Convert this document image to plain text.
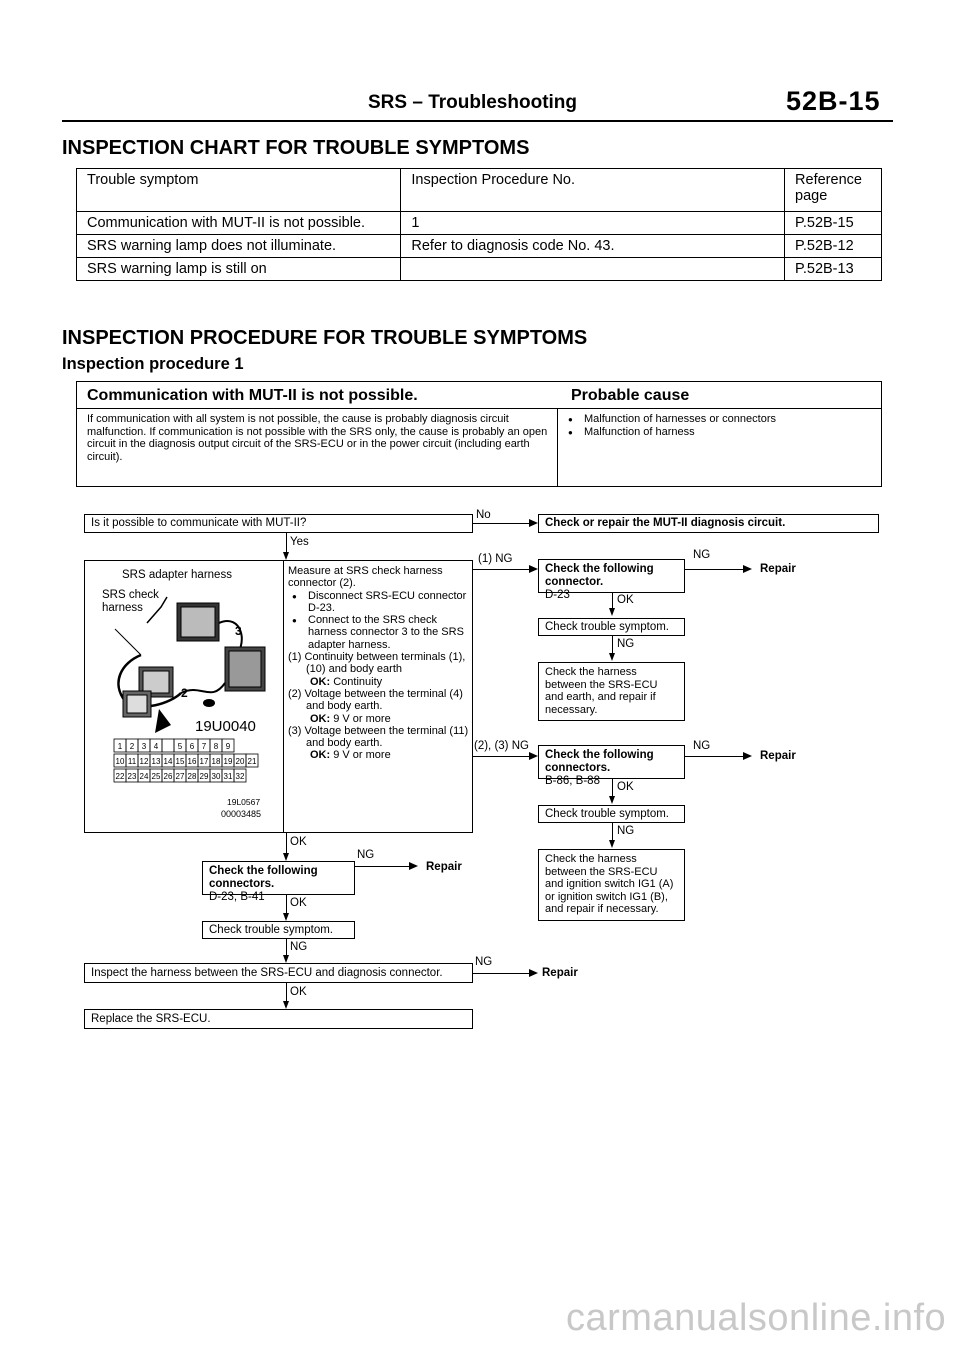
SRS – Troubleshooting	52B-15
INSPECTION CHART FOR TROUBLE SYMPTOMS
Trouble symptom	Inspection Procedure No.	Reference page
Communication with MUT-II is not possible.	1	P.52B-15
SRS warning lamp does not illuminate.	Refer to diagnosis code No. 43.	P.52B-12
SRS warning lamp is still on		P.52B-13
INSPECTION PROCEDURE FOR TROUBLE SYMPTOMS
Inspection procedure 1
Communication with MUT-II is not possible.	Probable cause
If communication with all system is not possible, the cause is probably diagnosis circuit malfunction. If communication is not possible with the SRS only, the cause is probably an open circuit in the diagnosis output circuit of the SRS-ECU or in the power circuit (including earth circuit).
● Malfunction of harnesses or connectors
● Malfunction of harness
Is it possible to communicate with MUT-II?
No
Check or repair the MUT-II diagnosis circuit.
Yes
SRS adapter harness
SRS check harness
3
2
19U0040
1 2 3 4 5 6 7 8 9
10 11 12 13 14 15 16 17 18 19 20 21
22 23 24 25 26 27 28 29 30 31 32
19L0567
00003485
Measure at SRS check harness connector (2).
● Disconnect SRS-ECU connector D-23.
● Connect to the SRS check harness connector 3 to the SRS adapter harness.
(1) Continuity between terminals (1), (10) and body earth
OK: Continuity
(2) Voltage between the terminal (4) and body earth.
OK: 9 V or more
(3) Voltage between the terminal (11) and body earth.
OK: 9 V or more
(1) NG
Check the following connector.
D-23
NG
Repair
OK
Check trouble symptom.
NG
Check the harness between the SRS-ECU and earth, and repair if necessary.
(2), (3) NG
Check the following connectors.
B-86, B-88
NG
Repair
OK
Check trouble symptom.
NG
Check the harness between the SRS-ECU and ignition switch IG1 (A) or ignition switch IG1 (B), and repair if necessary.
OK
Check the following connectors.
D-23, B-41
NG
Repair
OK
Check trouble symptom.
NG
Inspect the harness between the SRS-ECU and diagnosis connector.
NG
Repair
OK
Replace the SRS-ECU.
carmanualsonline.info
